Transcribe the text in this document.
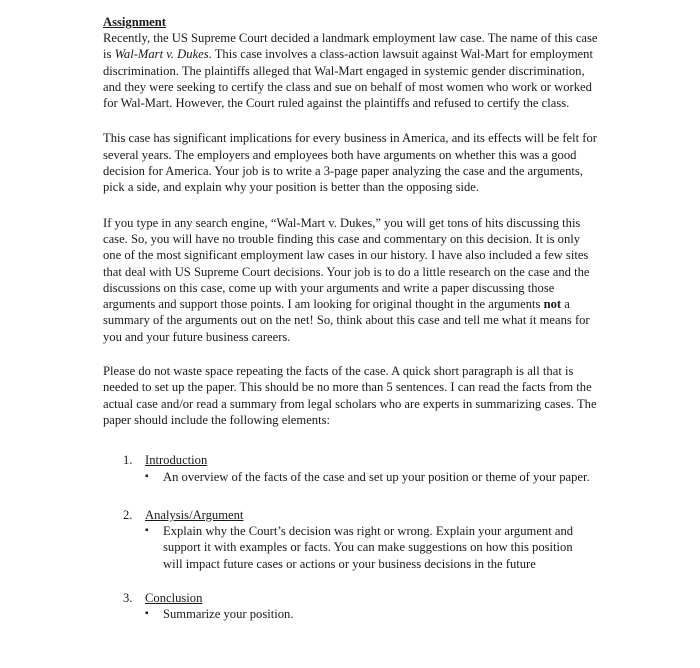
Assignment

Recently, the US Supreme Court decided a landmark employment law case. The name of this case is Wal-Mart v. Dukes. This case involves a class-action lawsuit against Wal-Mart for employment discrimination. The plaintiffs alleged that Wal-Mart engaged in systemic gender discrimination, and they were seeking to certify the class and sue on behalf of most women who work or worked for Wal-Mart. However, the Court ruled against the plaintiffs and refused to certify the class.

This case has significant implications for every business in America, and its effects will be felt for several years. The employers and employees both have arguments on whether this was a good decision for America. Your job is to write a 3-page paper analyzing the case and the arguments, pick a side, and explain why your position is better than the opposing side.

If you type in any search engine, “Wal-Mart v. Dukes,” you will get tons of hits discussing this case. So, you will have no trouble finding this case and commentary on this decision. It is only one of the most significant employment law cases in our history. I have also included a few sites that deal with US Supreme Court decisions. Your job is to do a little research on the case and the discussions on this case, come up with your arguments and write a paper discussing those arguments and support those points. I am looking for original thought in the arguments not a summary of the arguments out on the net! So, think about this case and tell me what it means for you and your future business careers.

Please do not waste space repeating the facts of the case. A quick short paragraph is all that is needed to set up the paper. This should be no more than 5 sentences. I can read the facts from the actual case and/or read a summary from legal scholars who are experts in summarizing cases. The paper should include the following elements:

1. Introduction
▪	An overview of the facts of the case and set up your position or theme of your paper.
2. Analysis/Argument
▪	Explain why the Court’s decision was right or wrong. Explain your argument and support it with examples or facts. You can make suggestions on how this position will impact future cases or actions or your business decisions in the future
3. Conclusion
▪	Summarize your position.
